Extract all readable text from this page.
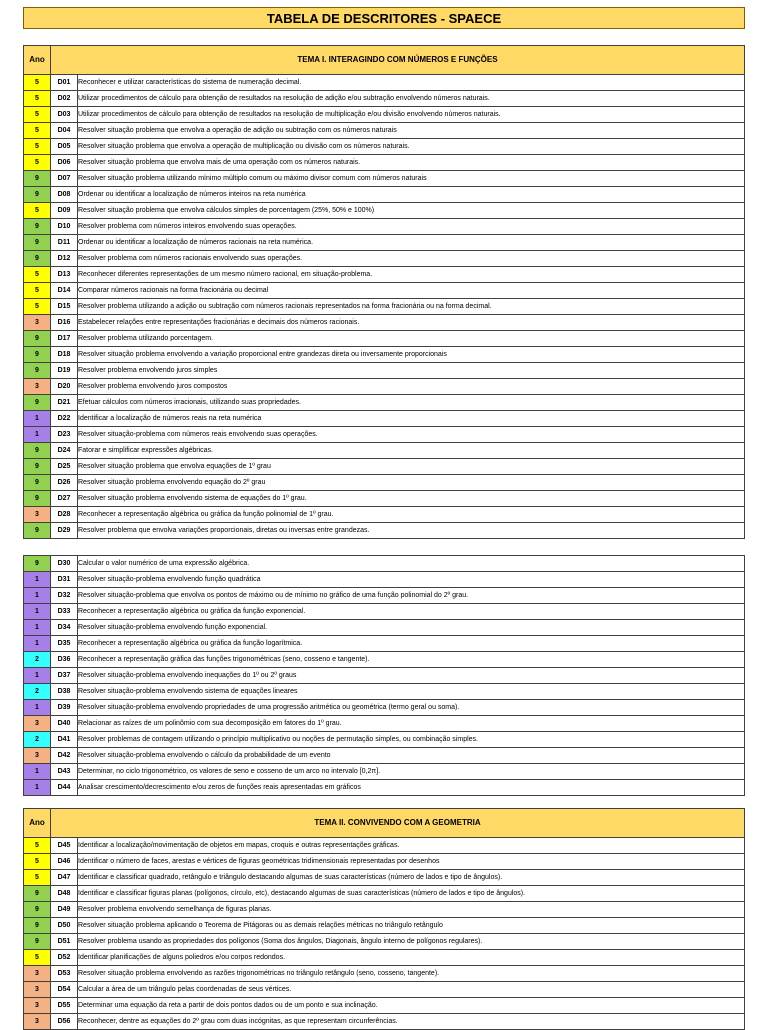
TABELA DE DESCRITORES - SPAECE
Ano	TEMA I. INTERAGINDO COM NÚMEROS E FUNÇÕES	
5	D01	Reconhecer e utilizar características do sistema de numeração decimal.
5	D02	Utilizar procedimentos de cálculo para obtenção de resultados na resolução de adição e/ou subtração envolvendo números naturais.
5	D03	Utilizar procedimentos de cálculo para obtenção de resultados na resolução de multiplicação e/ou divisão envolvendo números naturais.
5	D04	Resolver situação problema que envolva a operação de adição ou subtração com os números naturais
5	D05	Resolver situação problema que envolva a operação de multiplicação ou divisão com os números naturais.
5	D06	Resolver situação problema que envolva mais de uma operação com os números naturais.
9	D07	Resolver situação problema utilizando mínimo múltiplo comum ou máximo divisor comum com números naturais
9	D08	Ordenar ou identificar a localização de números inteiros na reta numérica
5	D09	Resolver situação problema que envolva cálculos simples de porcentagem (25%, 50% e 100%)
9	D10	Resolver problema com números inteiros envolvendo suas operações.
9	D11	Ordenar ou identificar a localização de números racionais na reta numérica.
9	D12	Resolver problema com números racionais envolvendo suas operações.
5	D13	Reconhecer diferentes representações de um mesmo número racional, em situação-problema.
5	D14	Comparar números racionais na forma fracionária ou decimal
5	D15	Resolver problema utilizando a adição ou subtração com números racionais representados na forma fracionária ou na forma decimal.
3	D16	Estabelecer relações entre representações fracionárias e decimais dos números racionais.
9	D17	Resolver problema utilizando porcentagem.
9	D18	Resolver situação problema envolvendo a variação proporcional entre grandezas direta ou inversamente proporcionais
9	D19	Resolver problema envolvendo juros simples
3	D20	Resolver problema envolvendo juros compostos
9	D21	Efetuar cálculos com números irracionais, utilizando suas propriedades.
1	D22	Identificar a localização de números reais na reta numérica
1	D23	Resolver situação-problema com números reais envolvendo suas operações.
9	D24	Fatorar e simplificar expressões algébricas.
9	D25	Resolver situação problema que envolva equações de 1º grau
9	D26	Resolver situação problema envolvendo equação do 2º grau
9	D27	Resolver situação problema envolvendo sistema de equações do 1º grau.
3	D28	Reconhecer a representação algébrica ou gráfica da função polinomial de 1º grau.
9	D29	Resolver problema que envolva variações proporcionais, diretas ou inversas entre grandezas.
9	D30	Calcular o valor numérico de uma expressão algébrica.
1	D31	Resolver situação-problema envolvendo função quadrática
1	D32	Resolver situação-problema que envolva os pontos de máximo ou de mínimo no gráfico de uma função polinomial do 2º grau.
1	D33	Reconhecer a representação algébrica ou gráfica da função exponencial.
1	D34	Resolver situação-problema envolvendo função exponencial.
1	D35	Reconhecer a representação algébrica ou gráfica da função logarítmica.
2	D36	Reconhecer a representação gráfica das funções trigonométricas (seno, cosseno e tangente).
1	D37	Resolver situação-problema envolvendo inequações do 1º ou 2º graus
2	D38	Resolver situação-problema envolvendo sistema de equações lineares
1	D39	Resolver situação-problema envolvendo propriedades de uma progressão aritmética ou geométrica (termo geral ou soma).
3	D40	Relacionar as raízes de um polinômio com sua decomposição em fatores do 1º grau.
2	D41	Resolver problemas de contagem utilizando o princípio multiplicativo ou noções de permutação simples, ou combinação simples.
3	D42	Resolver situação-problema envolvendo o cálculo da probabilidade de um evento
1	D43	Determinar, no ciclo trigonométrico, os valores de seno e cosseno de um arco no intervalo [0,2π].
1	D44	Analisar crescimento/decrescimento e/ou zeros de funções reais apresentadas em gráficos
Ano	TEMA II. CONVIVENDO COM A GEOMETRIA	
5	D45	Identificar a localização/movimentação de objetos em mapas, croquis e outras representações gráficas.
5	D46	Identificar o número de faces, arestas e vértices de figuras geométricas tridimensionais representadas por desenhos
5	D47	Identificar e classificar quadrado, retângulo e triângulo destacando algumas de suas características (número de lados e tipo de ângulos).
9	D48	Identificar e classificar figuras planas (polígonos, círculo, etc), destacando algumas de suas características (número de lados e tipo de ângulos).
9	D49	Resolver problema envolvendo semelhança de figuras planas.
9	D50	Resolver situação problema aplicando o Teorema de Pitágoras ou as demais relações métricas no triângulo retângulo
9	D51	Resolver problema usando as propriedades dos polígonos (Soma dos ângulos, Diagonais, ângulo interno de polígonos regulares).
5	D52	Identificar planificações de alguns poliedros e/ou corpos redondos.
3	D53	Resolver situação problema envolvendo as razões trigonométricas no triângulo retângulo (seno, cosseno, tangente).
3	D54	Calcular a área de um triângulo pelas coordenadas de seus vértices.
3	D55	Determinar uma equação da reta a partir de dois pontos dados ou de um ponto e sua inclinação.
3	D56	Reconhecer, dentre as equações do 2º grau com duas incógnitas, as que representam circunferências.
